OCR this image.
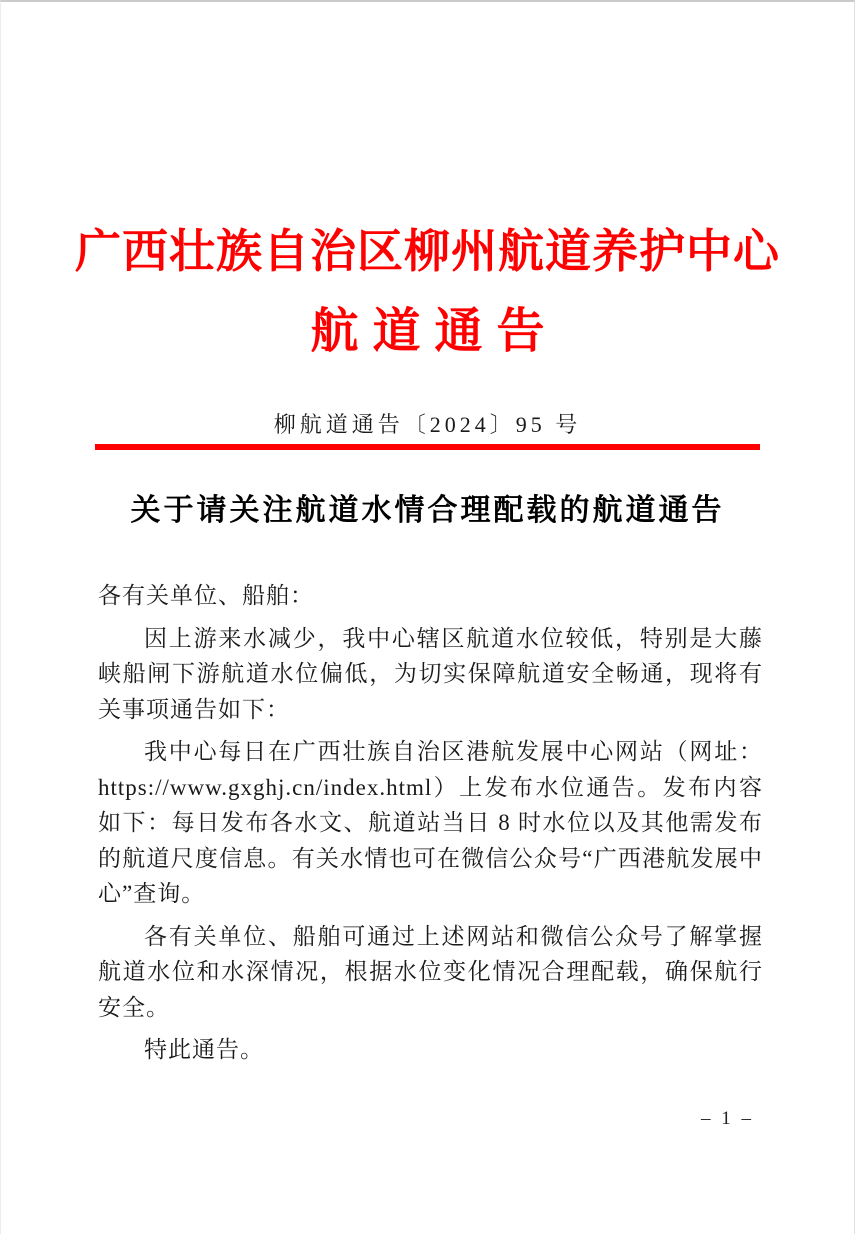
广西壮族自治区柳州航道养护中心
航道通告
柳航道通告〔2024〕95 号
关于请关注航道水情合理配载的航道通告

各有关单位、船舶：

因上游来水减少，我中心辖区航道水位较低，特别是大藤峡船闸下游航道水位偏低，为切实保障航道安全畅通，现将有关事项通告如下：

我中心每日在广西壮族自治区港航发展中心网站（网址：https://www.gxghj.cn/index.html）上发布水位通告。发布内容如下：每日发布各水文、航道站当日 8 时水位以及其他需发布的航道尺度信息。有关水情也可在微信公众号“广西港航发展中心”查询。

各有关单位、船舶可通过上述网站和微信公众号了解掌握航道水位和水深情况，根据水位变化情况合理配载，确保航行安全。

特此通告。

– 1 –
